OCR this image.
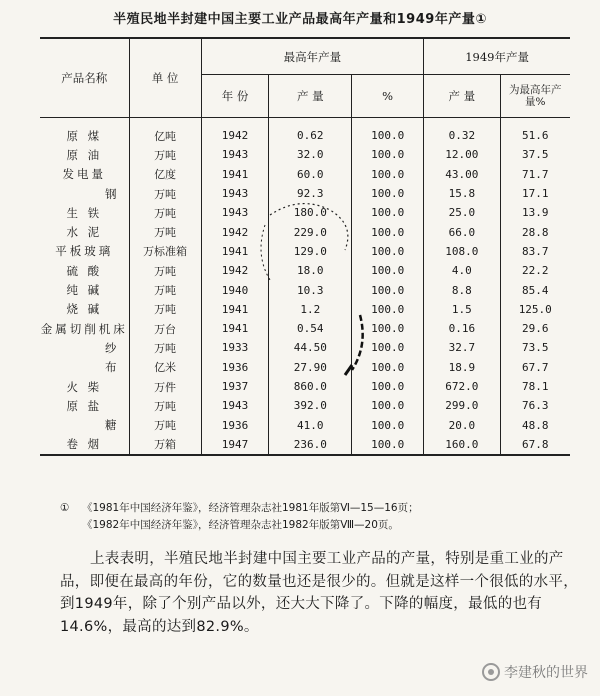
半殖民地半封建中国主要工业产品最高年产量和1949年产量①
产品名称	单 位	最高年产量			1949年产量	
		年 份	产 量	%	产 量	为最高年产量%
原 煤	亿吨	1942	0.62	100.0	0.32	51.6
原 油	万吨	1943	32.0	100.0	12.00	37.5
发电量	亿度	1941	60.0	100.0	43.00	71.7
钢	万吨	1943	92.3	100.0	15.8	17.1
生 铁	万吨	1943	180.0	100.0	25.0	13.9
水 泥	万吨	1942	229.0	100.0	66.0	28.8
平板玻璃	万标准箱	1941	129.0	100.0	108.0	83.7
硫 酸	万吨	1942	18.0	100.0	4.0	22.2
纯 碱	万吨	1940	10.3	100.0	8.8	85.4
烧 碱	万吨	1941	1.2	100.0	1.5	125.0
金属切削机床	万台	1941	0.54	100.0	0.16	29.6
纱	万吨	1933	44.50	100.0	32.7	73.5
布	亿米	1936	27.90	100.0	18.9	67.7
火 柴	万件	1937	860.0	100.0	672.0	78.1
原 盐	万吨	1943	392.0	100.0	299.0	76.3
糖	万吨	1936	41.0	100.0	20.0	48.8
卷 烟	万箱	1947	236.0	100.0	160.0	67.8
① 《1981年中国经济年鉴》，经济管理杂志社1981年版第Ⅵ—15—16页；
《1982年中国经济年鉴》，经济管理杂志社1982年版第Ⅷ—20页。
上表表明，半殖民地半封建中国主要工业产品的产量，特别是重工业的产品，即便在最高的年份，它的数量也还是很少的。但就是这样一个很低的水平，到1949年，除了个别产品以外，还大大下降了。下降的幅度，最低的也有14.6%，最高的达到82.9%。
李建秋的世界
